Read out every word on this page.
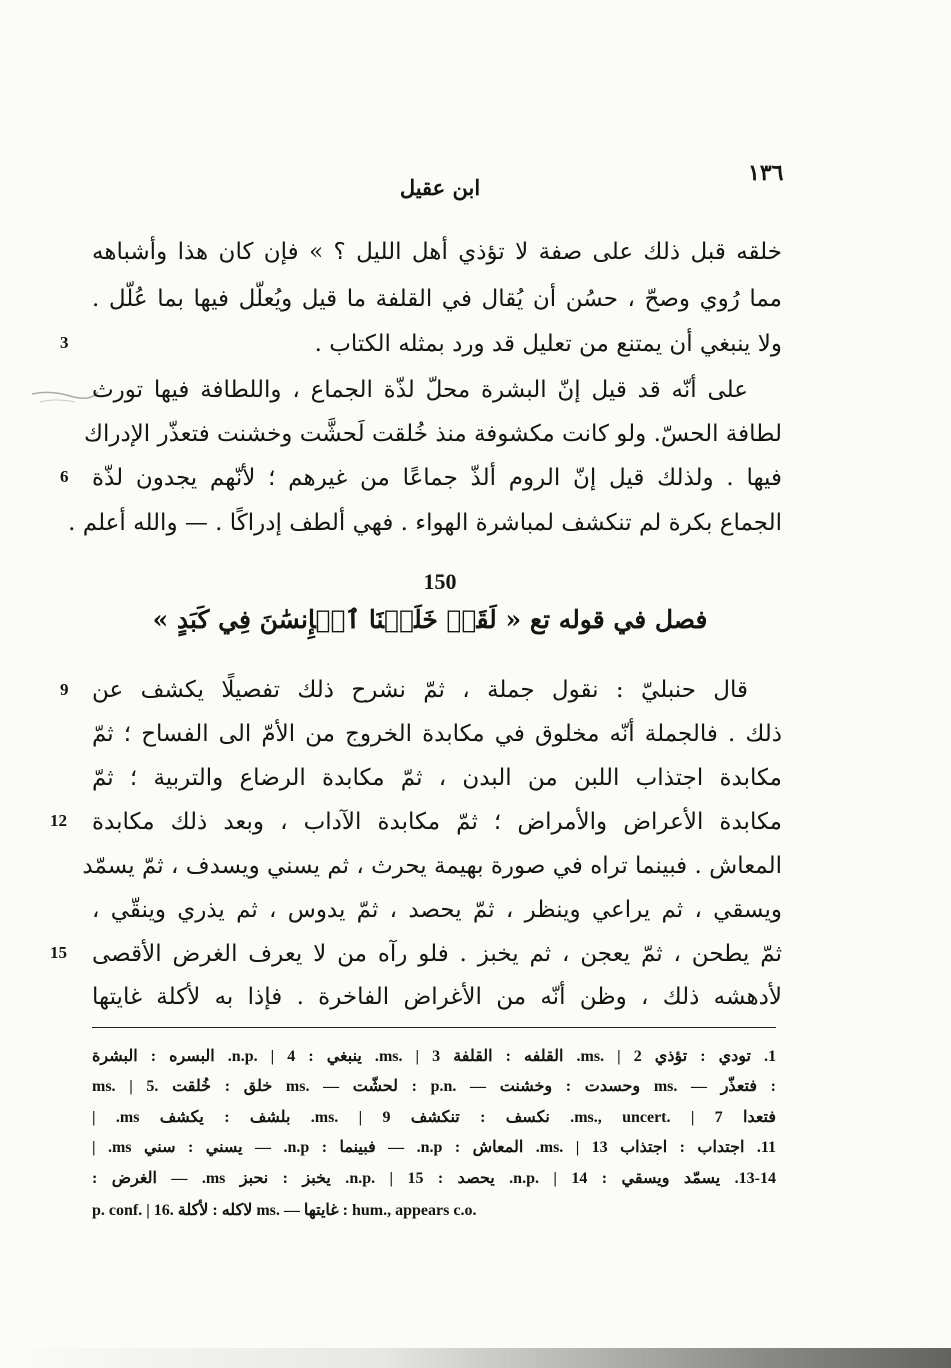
١٣٦
ابن عقيل
خلقه قبل ذلك على صفة لا تؤذي أهل الليل ؟ » فإن كان هذا وأشباهه
مما رُوي وصحّ ، حسُن أن يُقال في القلفة ما قيل ويُعلّل فيها بما عُلّل .
ولا ينبغي أن يمتنع من تعليل قد ورد بمثله الكتاب .
على أنّه قد قيل إنّ البشرة محلّ لذّة الجماع ، واللطافة فيها تورث
لطافة الحسّ. ولو كانت مكشوفة منذ خُلقت لَحشَّت وخشنت فتعذّر الإدراك
فيها . ولذلك قيل إنّ الروم ألذّ جماعًا من غيرهم ؛ لأنّهم يجدون لذّة
الجماع بكرة لم تنكشف لمباشرة الهواء . فهي ألطف إدراكًا . — والله أعلم .
3
6
150
فصل في قوله تع « لَقَدۡ خَلَقۡنَا ٱلۡإِنسَٰنَ فِي كَبَدٍ »
قال حنبليّ : نقول جملة ، ثمّ نشرح ذلك تفصيلًا يكشف عن
ذلك . فالجملة أنّه مخلوق في مكابدة الخروج من الأمّ الى الفساح ؛ ثمّ
مكابدة اجتذاب اللبن من البدن ، ثمّ مكابدة الرضاع والتربية ؛ ثمّ
مكابدة الأعراض والأمراض ؛ ثمّ مكابدة الآداب ، وبعد ذلك مكابدة
المعاش . فبينما تراه في صورة بهيمة يحرث ، ثم يسني ويسدف ، ثمّ يسمّد
ويسقي ، ثم يراعي وينظر ، ثمّ يحصد ، ثمّ يدوس ، ثم يذري وينقّي ،
ثمّ يطحن ، ثمّ يعجن ، ثم يخبز . فلو رآه من لا يعرف الغرض الأقصى
لأدهشه ذلك ، وظن أنّه من الأغراض الفاخرة . فإذا به لأكلة غايتها
9
12
15
1. تودي : تؤذي ms. | 2. القلفه : القلفة ms. | 3. ينبغي : n.p. | 4. البسره : البشرة
ms. | 5. خلق : خُلقت ms. — لحشّت : p.n. — وحسدت : وخشنت ms. — فتعذّر :
فتعدا ms., uncert. | 7. نكسف : تنكشف ms. | 9. بلشف : يكشف ms. |
11. اجتداب : اجتذاب ms. | 13. المعاش : n.p. — فبينما : n.p. — يسني : سني ms. |
13-14. يسمّد ويسقي : n.p. | 14. يحصد : n.p. | 15. يخبز : نحبز ms. — الغرض :
p. conf. | 16. لاكله : لأكلة ms. — غايتها : hum., appears c.o.
